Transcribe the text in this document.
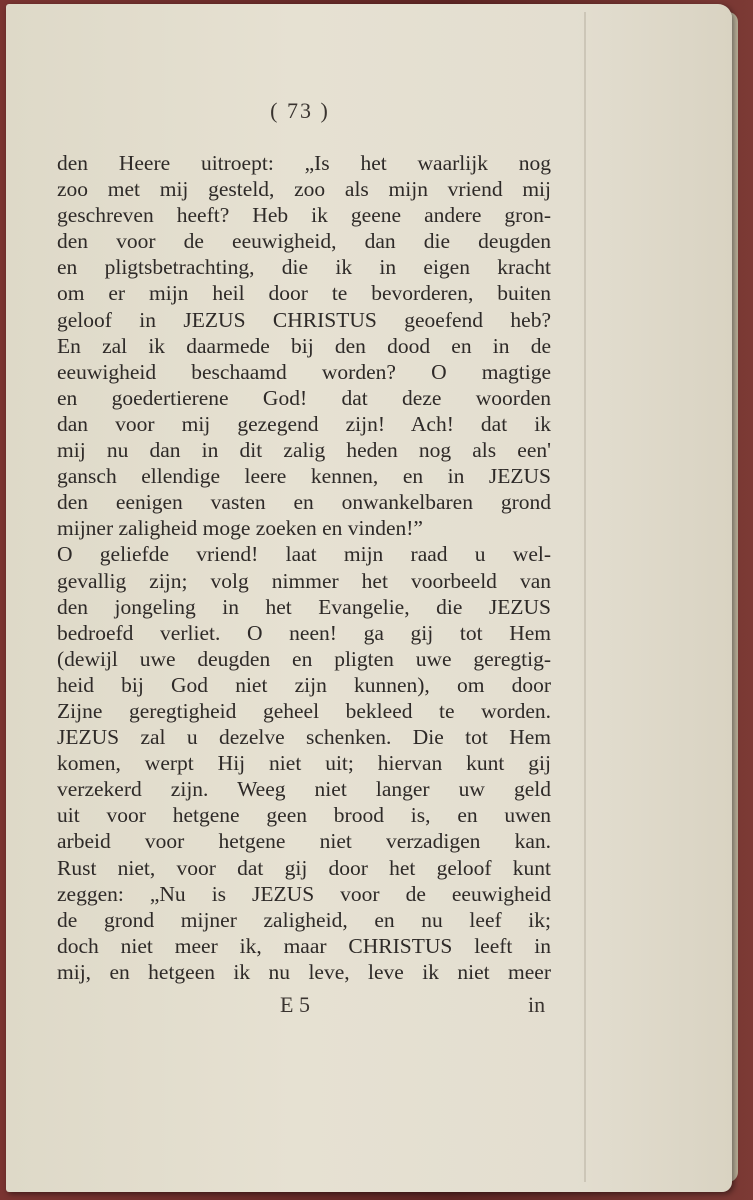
( 73 )
den Heere uitroept: „Is het waarlijk nog
zoo met mij gesteld, zoo als mijn vriend mij
geschreven heeft? Heb ik geene andere gron-
den voor de eeuwigheid, dan die deugden
en pligtsbetrachting, die ik in eigen kracht
om er mijn heil door te bevorderen, buiten
geloof in JEZUS CHRISTUS geoefend heb?
En zal ik daarmede bij den dood en in de
eeuwigheid beschaamd worden? O magtige
en goedertierene God! dat deze woorden
dan voor mij gezegend zijn! Ach! dat ik
mij nu dan in dit zalig heden nog als een'
gansch ellendige leere kennen, en in JEZUS
den eenigen vasten en onwankelbaren grond
mijner zaligheid moge zoeken en vinden!”
O geliefde vriend! laat mijn raad u wel-
gevallig zijn; volg nimmer het voorbeeld van
den jongeling in het Evangelie, die JEZUS
bedroefd verliet. O neen! ga gij tot Hem
(dewijl uwe deugden en pligten uwe geregtig-
heid bij God niet zijn kunnen), om door
Zijne geregtigheid geheel bekleed te worden.
JEZUS zal u dezelve schenken. Die tot Hem
komen, werpt Hij niet uit; hiervan kunt gij
verzekerd zijn. Weeg niet langer uw geld
uit voor hetgene geen brood is, en uwen
arbeid voor hetgene niet verzadigen kan.
Rust niet, voor dat gij door het geloof kunt
zeggen: „Nu is JEZUS voor de eeuwigheid
de grond mijner zaligheid, en nu leef ik;
doch niet meer ik, maar CHRISTUS leeft in
mij, en hetgeen ik nu leve, leve ik niet meer
E 5	in
